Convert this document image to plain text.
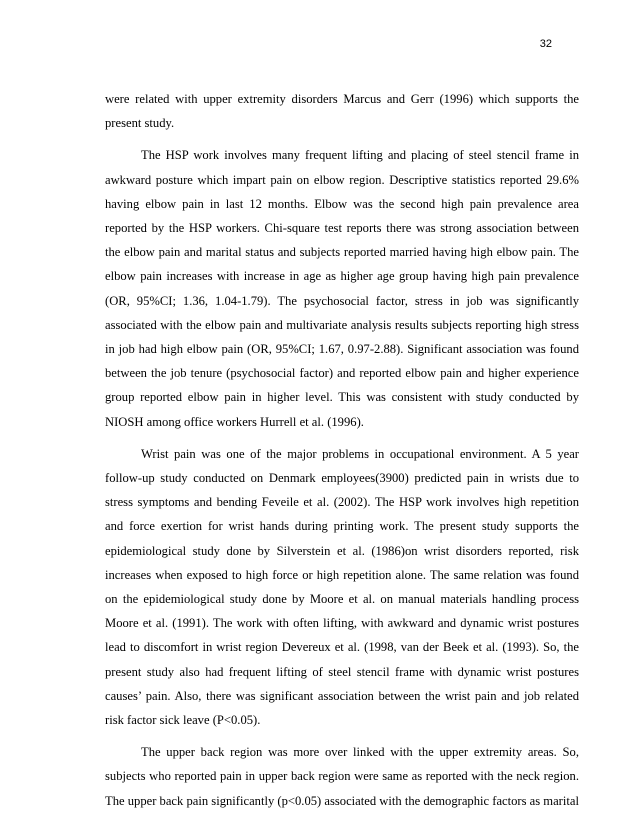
32

were related with upper extremity disorders Marcus and Gerr (1996) which supports the present study.

The HSP work involves many frequent lifting and placing of steel stencil frame in awkward posture which impart pain on elbow region. Descriptive statistics reported 29.6% having elbow pain in last 12 months. Elbow was the second high pain prevalence area reported by the HSP workers. Chi-square test reports there was strong association between the elbow pain and marital status and subjects reported married having high elbow pain. The elbow pain increases with increase in age as higher age group having high pain prevalence (OR, 95%CI; 1.36, 1.04-1.79). The psychosocial factor, stress in job was significantly associated with the elbow pain and multivariate analysis results subjects reporting high stress in job had high elbow pain (OR, 95%CI; 1.67, 0.97-2.88). Significant association was found between the job tenure (psychosocial factor) and reported elbow pain and higher experience group reported elbow pain in higher level. This was consistent with study conducted by NIOSH among office workers Hurrell et al. (1996).

Wrist pain was one of the major problems in occupational environment. A 5 year follow-up study conducted on Denmark employees(3900) predicted pain in wrists due to stress symptoms and bending Feveile et al. (2002). The HSP work involves high repetition and force exertion for wrist hands during printing work. The present study supports the epidemiological study done by Silverstein et al. (1986)on wrist disorders reported, risk increases when exposed to high force or high repetition alone. The same relation was found on the epidemiological study done by Moore et al. on manual materials handling process Moore et al. (1991). The work with often lifting, with awkward and dynamic wrist postures lead to discomfort in wrist region Devereux et al. (1998, van der Beek et al. (1993). So, the present study also had frequent lifting of steel stencil frame with dynamic wrist postures causes’ pain. Also, there was significant association between the wrist pain and job related risk factor sick leave (P<0.05).

The upper back region was more over linked with the upper extremity areas. So, subjects who reported pain in upper back region were same as reported with the neck region. The upper back pain significantly (p<0.05) associated with the demographic factors as marital
